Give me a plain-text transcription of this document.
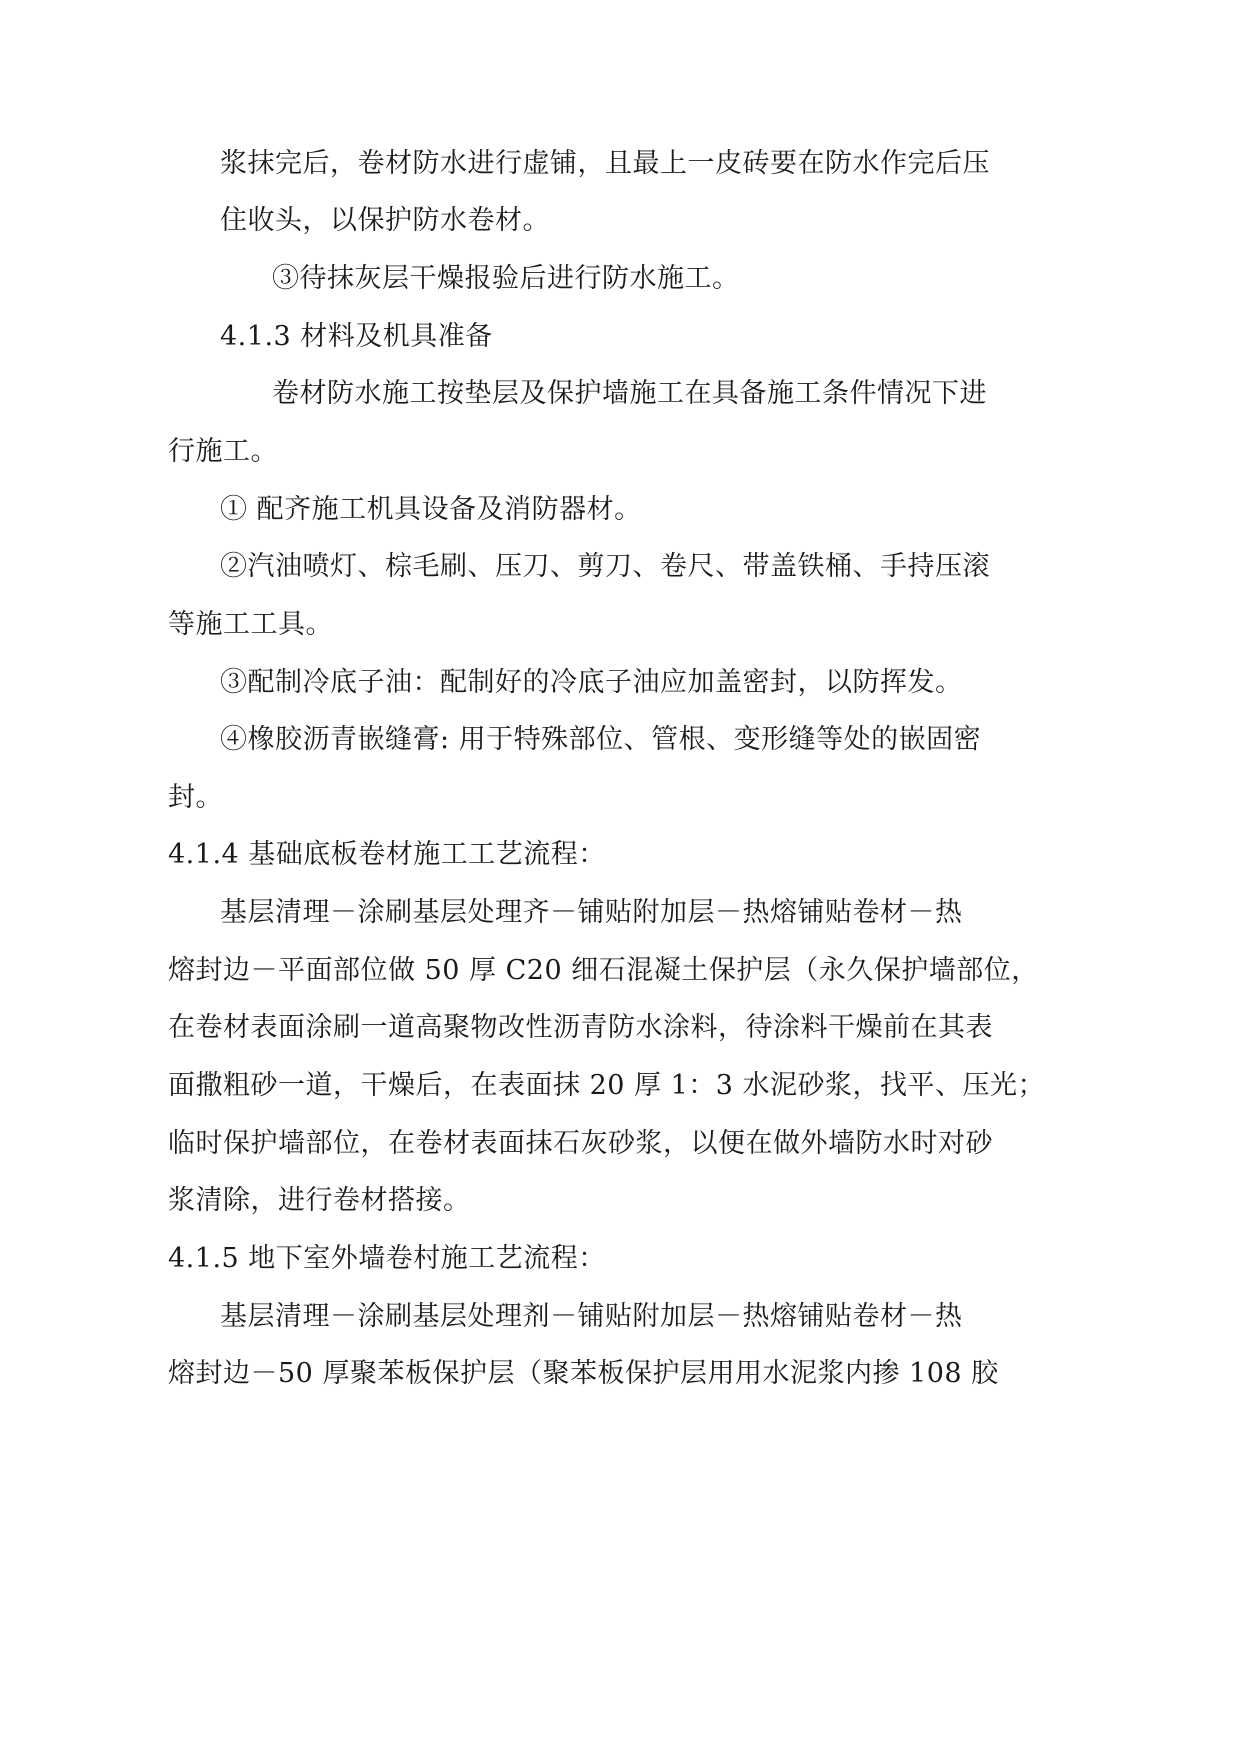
浆抹完后，卷材防水进行虚铺，且最上一皮砖要在防水作完后压

住收头，以保护防水卷材。

③待抹灰层干燥报验后进行防水施工。

4.1.3 材料及机具准备

卷材防水施工按垫层及保护墙施工在具备施工条件情况下进

行施工。

① 配齐施工机具设备及消防器材。

②汽油喷灯、棕毛刷、压刀、剪刀、卷尺、带盖铁桶、手持压滚

等施工工具。

③配制冷底子油：配制好的冷底子油应加盖密封，以防挥发。

④橡胶沥青嵌缝膏: 用于特殊部位、管根、变形缝等处的嵌固密

封。

4.1.4 基础底板卷材施工工艺流程：

基层清理－涂刷基层处理齐－铺贴附加层－热熔铺贴卷材－热

熔封边－平面部位做 50 厚 C20 细石混凝土保护层（永久保护墙部位，

在卷材表面涂刷一道高聚物改性沥青防水涂料，待涂料干燥前在其表

面撒粗砂一道，干燥后，在表面抹 20 厚 1：3 水泥砂浆，找平、压光；

临时保护墙部位，在卷材表面抹石灰砂浆，以便在做外墙防水时对砂

浆清除，进行卷材搭接。

4.1.5 地下室外墙卷村施工艺流程：

基层清理－涂刷基层处理剂－铺贴附加层－热熔铺贴卷材－热

熔封边－50 厚聚苯板保护层（聚苯板保护层用用水泥浆内掺 108 胶
